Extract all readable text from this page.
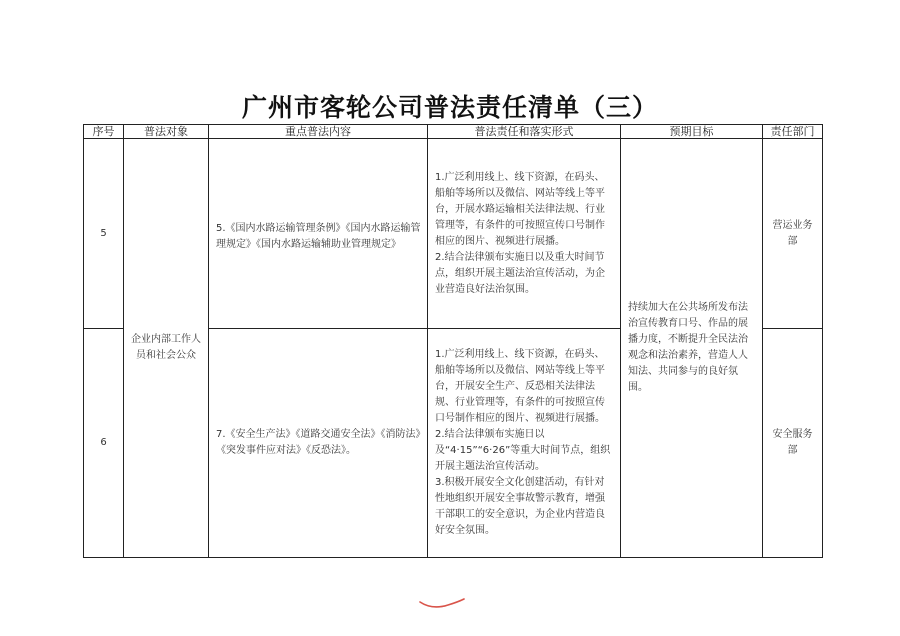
广州市客轮公司普法责任清单（三）
序号	普法对象	重点普法内容	普法责任和落实形式	预期目标	责任部门
5	企业内部工作人员和社会公众	5.《国内水路运输管理条例》《国内水路运输管理规定》《国内水路运输辅助业管理规定》	1.广泛利用线上、线下资源，在码头、船舶等场所以及微信、网站等线上等平台，开展水路运输相关法律法规、行业管理等，有条件的可按照宣传口号制作相应的图片、视频进行展播。
2.结合法律颁布实施日以及重大时间节点，组织开展主题法治宣传活动，为企业营造良好法治氛围。	持续加大在公共场所发布法治宣传教育口号、作品的展播力度，不断提升全民法治观念和法治素养，营造人人知法、共同参与的良好氛围。	营运业务部
6		7.《安全生产法》《道路交通安全法》《消防法》《突发事件应对法》《反恐法》。	1.广泛利用线上、线下资源，在码头、船舶等场所以及微信、网站等线上等平台，开展安全生产、反恐相关法律法规、行业管理等，有条件的可按照宣传口号制作相应的图片、视频进行展播。
2.结合法律颁布实施日以及“4·15”“6·26”等重大时间节点，组织开展主题法治宣传活动。
3.积极开展安全文化创建活动，有针对性地组织开展安全事故警示教育，增强干部职工的安全意识，为企业内营造良好安全氛围。		安全服务部
